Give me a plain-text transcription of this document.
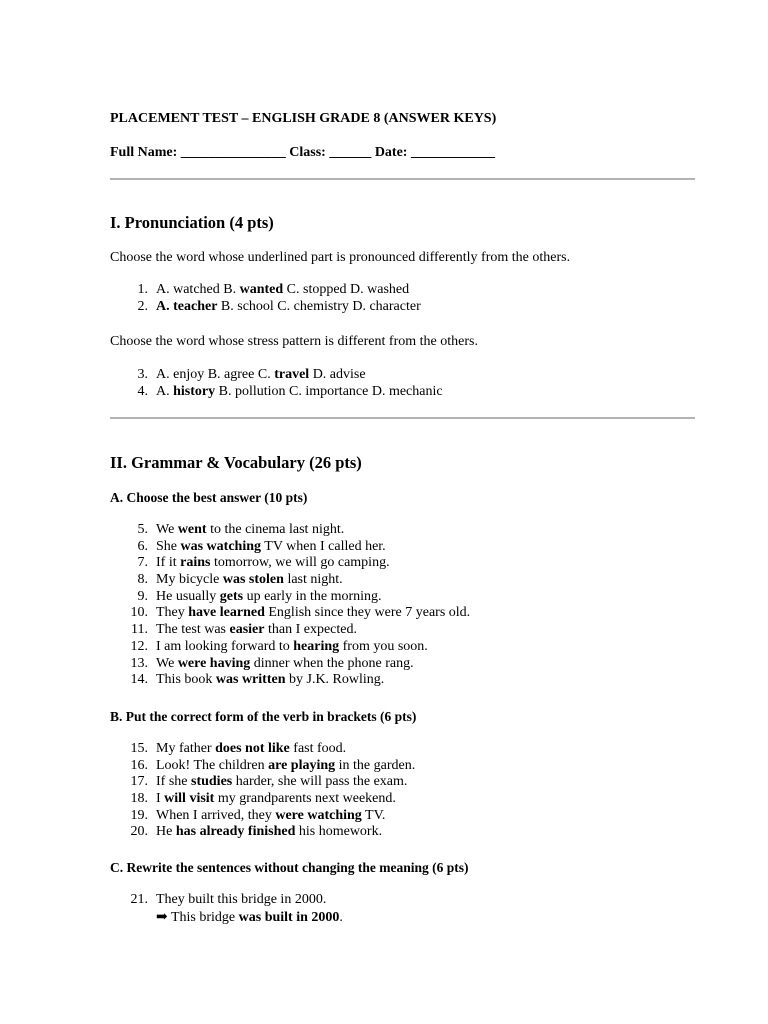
PLACEMENT TEST – ENGLISH GRADE 8 (ANSWER KEYS)
Full Name: _______________ Class: ______ Date: ____________
I. Pronunciation (4 pts)
Choose the word whose underlined part is pronounced differently from the others.
1. A. watched B. wanted C. stopped D. washed
2. A. teacher B. school C. chemistry D. character
Choose the word whose stress pattern is different from the others.
3. A. enjoy B. agree C. travel D. advise
4. A. history B. pollution C. importance D. mechanic
II. Grammar & Vocabulary (26 pts)
A. Choose the best answer (10 pts)
5. We went to the cinema last night.
6. She was watching TV when I called her.
7. If it rains tomorrow, we will go camping.
8. My bicycle was stolen last night.
9. He usually gets up early in the morning.
10. They have learned English since they were 7 years old.
11. The test was easier than I expected.
12. I am looking forward to hearing from you soon.
13. We were having dinner when the phone rang.
14. This book was written by J.K. Rowling.
B. Put the correct form of the verb in brackets (6 pts)
15. My father does not like fast food.
16. Look! The children are playing in the garden.
17. If she studies harder, she will pass the exam.
18. I will visit my grandparents next weekend.
19. When I arrived, they were watching TV.
20. He has already finished his homework.
C. Rewrite the sentences without changing the meaning (6 pts)
21. They built this bridge in 2000.
➡ This bridge was built in 2000.
